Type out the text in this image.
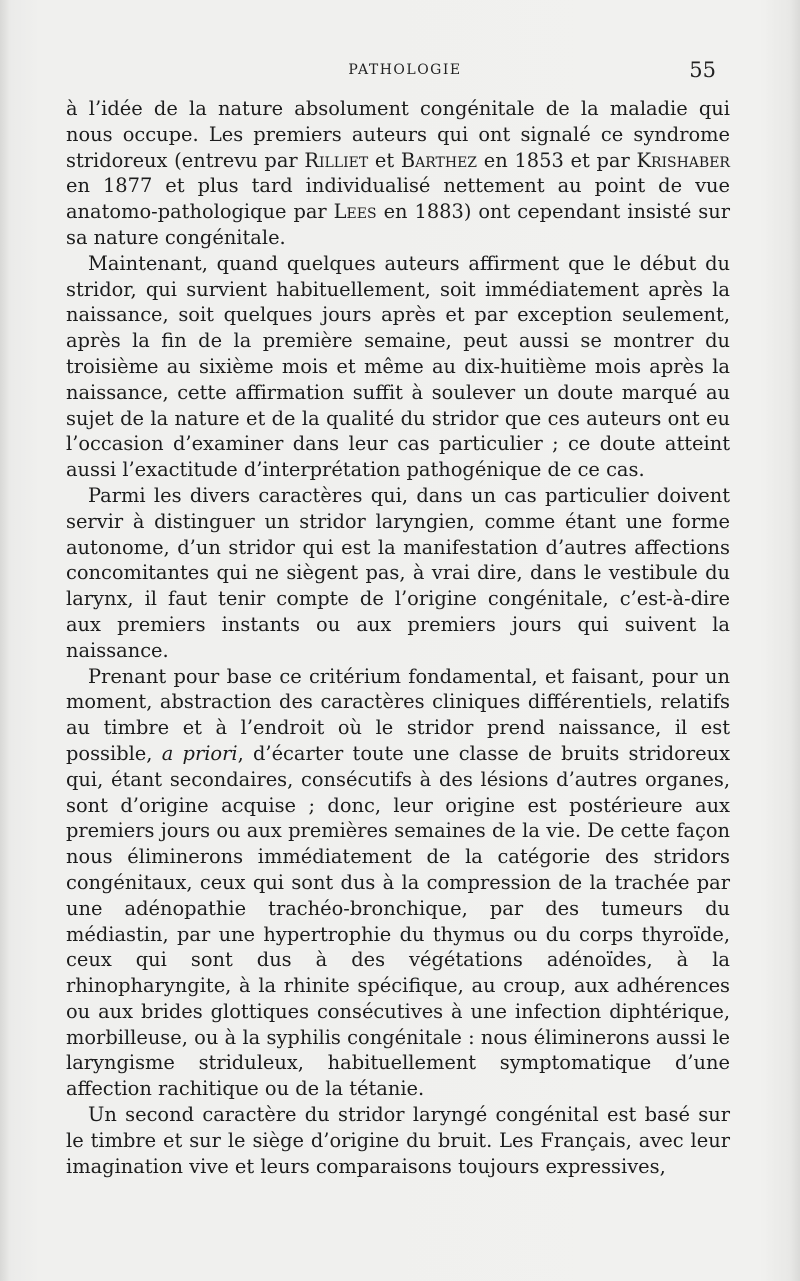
PATHOLOGIE	55

à l’idée de la nature absolument congénitale de la maladie qui nous occupe. Les premiers auteurs qui ont signalé ce syndrome stridoreux (entrevu par Rilliet et Barthez en 1853 et par Krishaber en 1877 et plus tard individualisé nettement au point de vue anatomo-pathologique par Lees en 1883) ont cependant insisté sur sa nature congénitale.

Maintenant, quand quelques auteurs affirment que le début du stridor, qui survient habituellement, soit immédiatement après la naissance, soit quelques jours après et par exception seulement, après la fin de la première semaine, peut aussi se montrer du troisième au sixième mois et même au dix-huitième mois après la naissance, cette affirmation suffit à soulever un doute marqué au sujet de la nature et de la qualité du stridor que ces auteurs ont eu l’occasion d’examiner dans leur cas particulier ; ce doute atteint aussi l’exactitude d’interprétation pathogénique de ce cas.

Parmi les divers caractères qui, dans un cas particulier doivent servir à distinguer un stridor laryngien, comme étant une forme autonome, d’un stridor qui est la manifestation d’autres affections concomitantes qui ne siègent pas, à vrai dire, dans le vestibule du larynx, il faut tenir compte de l’origine congénitale, c’est-à-dire aux premiers instants ou aux premiers jours qui suivent la naissance.

Prenant pour base ce critérium fondamental, et faisant, pour un moment, abstraction des caractères cliniques différentiels, relatifs au timbre et à l’endroit où le stridor prend naissance, il est possible, a priori, d’écarter toute une classe de bruits stridoreux qui, étant secondaires, consécutifs à des lésions d’autres organes, sont d’origine acquise ; donc, leur origine est postérieure aux premiers jours ou aux premières semaines de la vie. De cette façon nous éliminerons immédiatement de la catégorie des stridors congénitaux, ceux qui sont dus à la compression de la trachée par une adénopathie trachéo-bronchique, par des tumeurs du médiastin, par une hypertrophie du thymus ou du corps thyroïde, ceux qui sont dus à des végétations adénoïdes, à la rhinopharyngite, à la rhinite spécifique, au croup, aux adhérences ou aux brides glottiques consécutives à une infection diphtérique, morbilleuse, ou à la syphilis congénitale : nous éliminerons aussi le laryngisme striduleux, habituellement symptomatique d’une affection rachitique ou de la tétanie.

Un second caractère du stridor laryngé congénital est basé sur le timbre et sur le siège d’origine du bruit. Les Français, avec leur imagination vive et leurs comparaisons toujours expressives,
